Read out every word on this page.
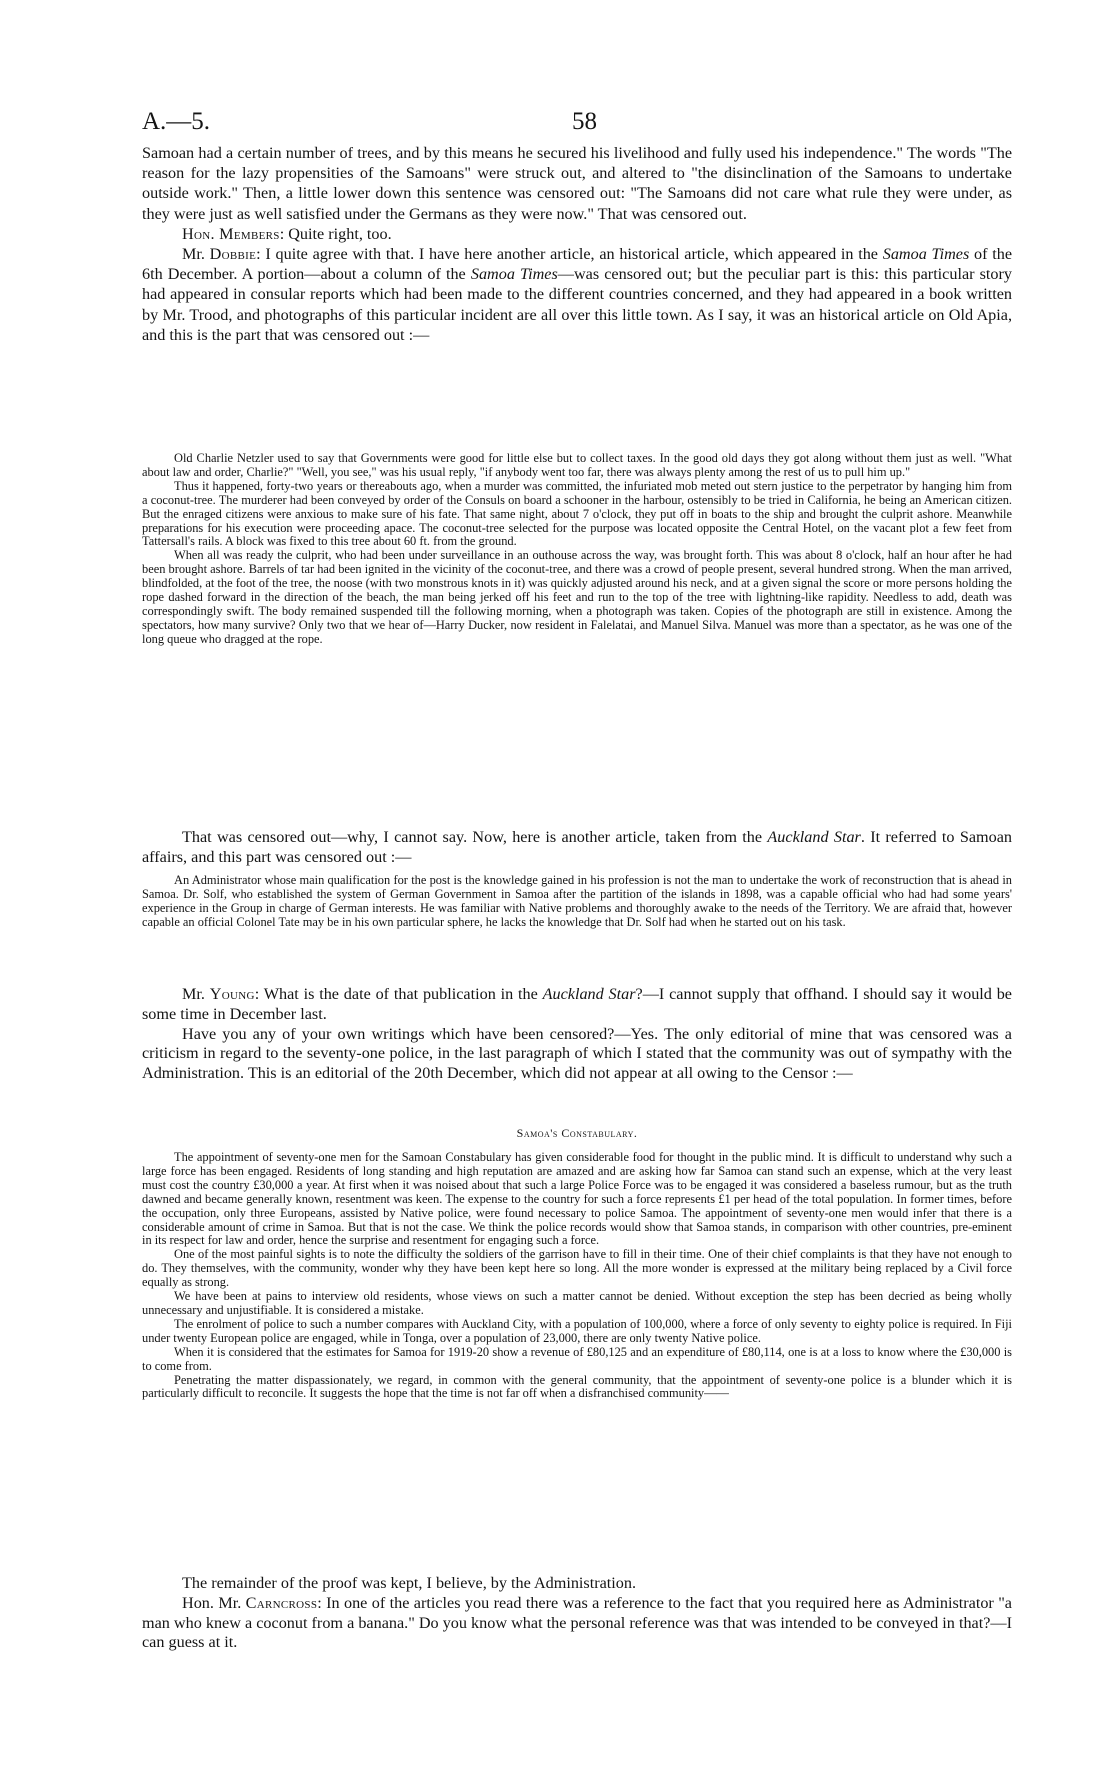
A.—5.	58

Samoan had a certain number of trees, and by this means he secured his livelihood and fully used his independence." The words "The reason for the lazy propensities of the Samoans" were struck out, and altered to "the disinclination of the Samoans to undertake outside work." Then, a little lower down this sentence was censored out: "The Samoans did not care what rule they were under, as they were just as well satisfied under the Germans as they were now." That was censored out.

Hon. Members: Quite right, too.

Mr. Dobbie: I quite agree with that. I have here another article, an historical article, which appeared in the Samoa Times of the 6th December. A portion—about a column of the Samoa Times—was censored out; but the peculiar part is this: this particular story had appeared in consular reports which had been made to the different countries concerned, and they had appeared in a book written by Mr. Trood, and photographs of this particular incident are all over this little town. As I say, it was an historical article on Old Apia, and this is the part that was censored out :—

Old Charlie Netzler used to say that Governments were good for little else but to collect taxes. In the good old days they got along without them just as well. "What about law and order, Charlie?" "Well, you see," was his usual reply, "if anybody went too far, there was always plenty among the rest of us to pull him up."

Thus it happened, forty-two years or thereabouts ago, when a murder was committed, the infuriated mob meted out stern justice to the perpetrator by hanging him from a coconut-tree. The murderer had been conveyed by order of the Consuls on board a schooner in the harbour, ostensibly to be tried in California, he being an American citizen. But the enraged citizens were anxious to make sure of his fate. That same night, about 7 o'clock, they put off in boats to the ship and brought the culprit ashore. Meanwhile preparations for his execution were proceeding apace. The coconut-tree selected for the purpose was located opposite the Central Hotel, on the vacant plot a few feet from Tattersall's rails. A block was fixed to this tree about 60 ft. from the ground.

When all was ready the culprit, who had been under surveillance in an outhouse across the way, was brought forth. This was about 8 o'clock, half an hour after he had been brought ashore. Barrels of tar had been ignited in the vicinity of the coconut-tree, and there was a crowd of people present, several hundred strong. When the man arrived, blindfolded, at the foot of the tree, the noose (with two monstrous knots in it) was quickly adjusted around his neck, and at a given signal the score or more persons holding the rope dashed forward in the direction of the beach, the man being jerked off his feet and run to the top of the tree with lightning-like rapidity. Needless to add, death was correspondingly swift. The body remained suspended till the following morning, when a photograph was taken. Copies of the photograph are still in existence. Among the spectators, how many survive? Only two that we hear of—Harry Ducker, now resident in Falelatai, and Manuel Silva. Manuel was more than a spectator, as he was one of the long queue who dragged at the rope.

That was censored out—why, I cannot say. Now, here is another article, taken from the Auckland Star. It referred to Samoan affairs, and this part was censored out :—

An Administrator whose main qualification for the post is the knowledge gained in his profession is not the man to undertake the work of reconstruction that is ahead in Samoa. Dr. Solf, who established the system of German Government in Samoa after the partition of the islands in 1898, was a capable official who had had some years' experience in the Group in charge of German interests. He was familiar with Native problems and thoroughly awake to the needs of the Territory. We are afraid that, however capable an official Colonel Tate may be in his own particular sphere, he lacks the knowledge that Dr. Solf had when he started out on his task.

Mr. Young: What is the date of that publication in the Auckland Star?—I cannot supply that offhand. I should say it would be some time in December last.

Have you any of your own writings which have been censored?—Yes. The only editorial of mine that was censored was a criticism in regard to the seventy-one police, in the last paragraph of which I stated that the community was out of sympathy with the Administration. This is an editorial of the 20th December, which did not appear at all owing to the Censor :—

Samoa's Constabulary.

The appointment of seventy-one men for the Samoan Constabulary has given considerable food for thought in the public mind. It is difficult to understand why such a large force has been engaged. Residents of long standing and high reputation are amazed and are asking how far Samoa can stand such an expense, which at the very least must cost the country £30,000 a year. At first when it was noised about that such a large Police Force was to be engaged it was considered a baseless rumour, but as the truth dawned and became generally known, resentment was keen. The expense to the country for such a force represents £1 per head of the total population. In former times, before the occupation, only three Europeans, assisted by Native police, were found necessary to police Samoa. The appointment of seventy-one men would infer that there is a considerable amount of crime in Samoa. But that is not the case. We think the police records would show that Samoa stands, in comparison with other countries, pre-eminent in its respect for law and order, hence the surprise and resentment for engaging such a force.

One of the most painful sights is to note the difficulty the soldiers of the garrison have to fill in their time. One of their chief complaints is that they have not enough to do. They themselves, with the community, wonder why they have been kept here so long. All the more wonder is expressed at the military being replaced by a Civil force equally as strong.

We have been at pains to interview old residents, whose views on such a matter cannot be denied. Without exception the step has been decried as being wholly unnecessary and unjustifiable. It is considered a mistake.

The enrolment of police to such a number compares with Auckland City, with a population of 100,000, where a force of only seventy to eighty police is required. In Fiji under twenty European police are engaged, while in Tonga, over a population of 23,000, there are only twenty Native police.

When it is considered that the estimates for Samoa for 1919-20 show a revenue of £80,125 and an expenditure of £80,114, one is at a loss to know where the £30,000 is to come from.

Penetrating the matter dispassionately, we regard, in common with the general community, that the appointment of seventy-one police is a blunder which it is particularly difficult to reconcile. It suggests the hope that the time is not far off when a disfranchised community——

The remainder of the proof was kept, I believe, by the Administration.

Hon. Mr. Carncross: In one of the articles you read there was a reference to the fact that you required here as Administrator "a man who knew a coconut from a banana." Do you know what the personal reference was that was intended to be conveyed in that?—I can guess at it.
